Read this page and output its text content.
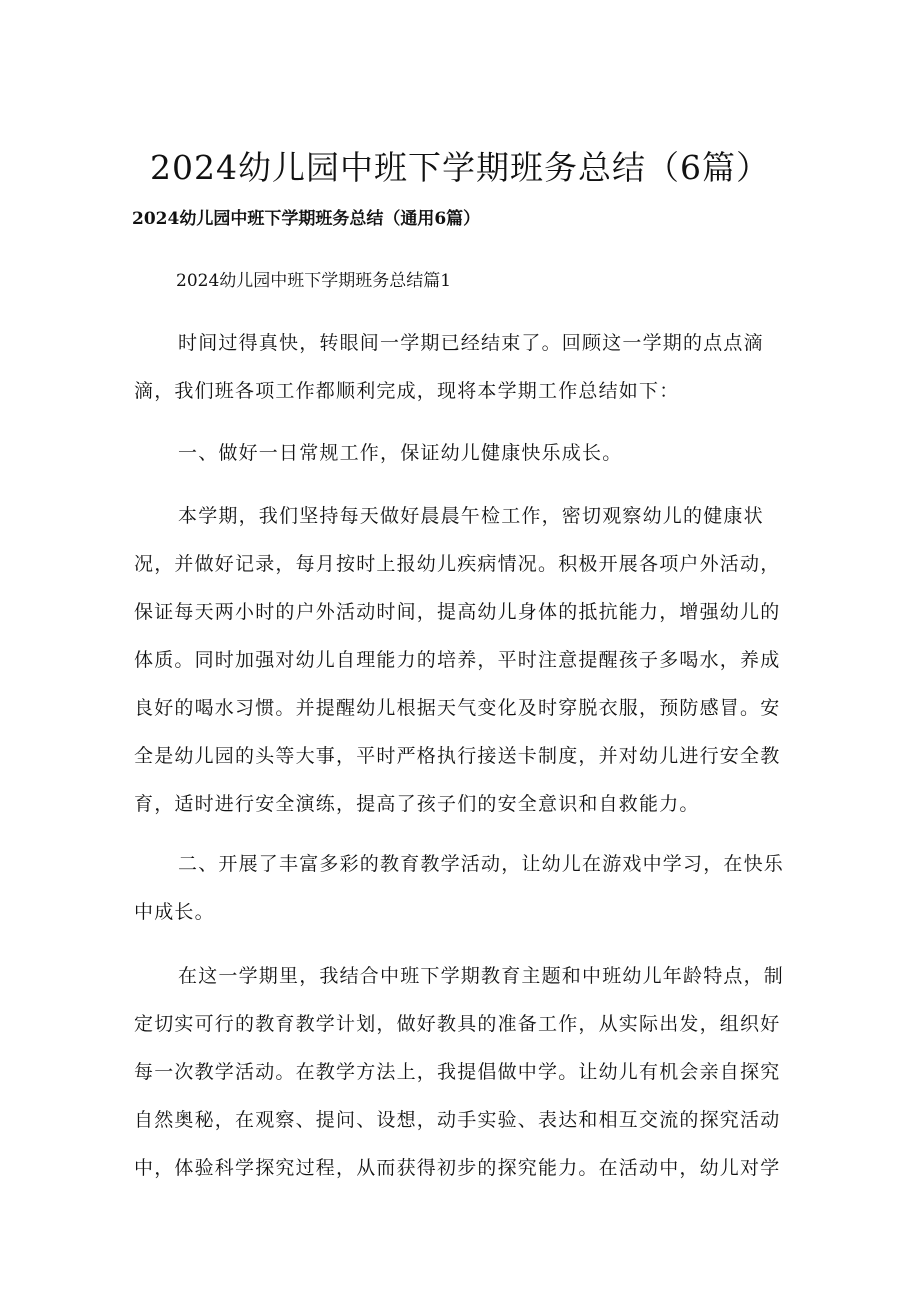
2024幼儿园中班下学期班务总结（6篇）
2024幼儿园中班下学期班务总结（通用6篇）
2024幼儿园中班下学期班务总结篇1

时间过得真快，转眼间一学期已经结束了。回顾这一学期的点点滴滴，我们班各项工作都顺利完成，现将本学期工作总结如下：

一、做好一日常规工作，保证幼儿健康快乐成长。

本学期，我们坚持每天做好晨晨午检工作，密切观察幼儿的健康状况，并做好记录，每月按时上报幼儿疾病情况。积极开展各项户外活动，保证每天两小时的户外活动时间，提高幼儿身体的抵抗能力，增强幼儿的体质。同时加强对幼儿自理能力的培养，平时注意提醒孩子多喝水，养成良好的喝水习惯。并提醒幼儿根据天气变化及时穿脱衣服，预防感冒。安全是幼儿园的头等大事，平时严格执行接送卡制度，并对幼儿进行安全教育，适时进行安全演练，提高了孩子们的安全意识和自救能力。

二、开展了丰富多彩的教育教学活动，让幼儿在游戏中学习，在快乐中成长。

在这一学期里，我结合中班下学期教育主题和中班幼儿年龄特点，制定切实可行的教育教学计划，做好教具的准备工作，从实际出发，组织好每一次教学活动。在教学方法上，我提倡做中学。让幼儿有机会亲自探究自然奥秘，在观察、提问、设想，动手实验、表达和相互交流的探究活动中，体验科学探究过程，从而获得初步的探究能力。在活动中，幼儿对学
